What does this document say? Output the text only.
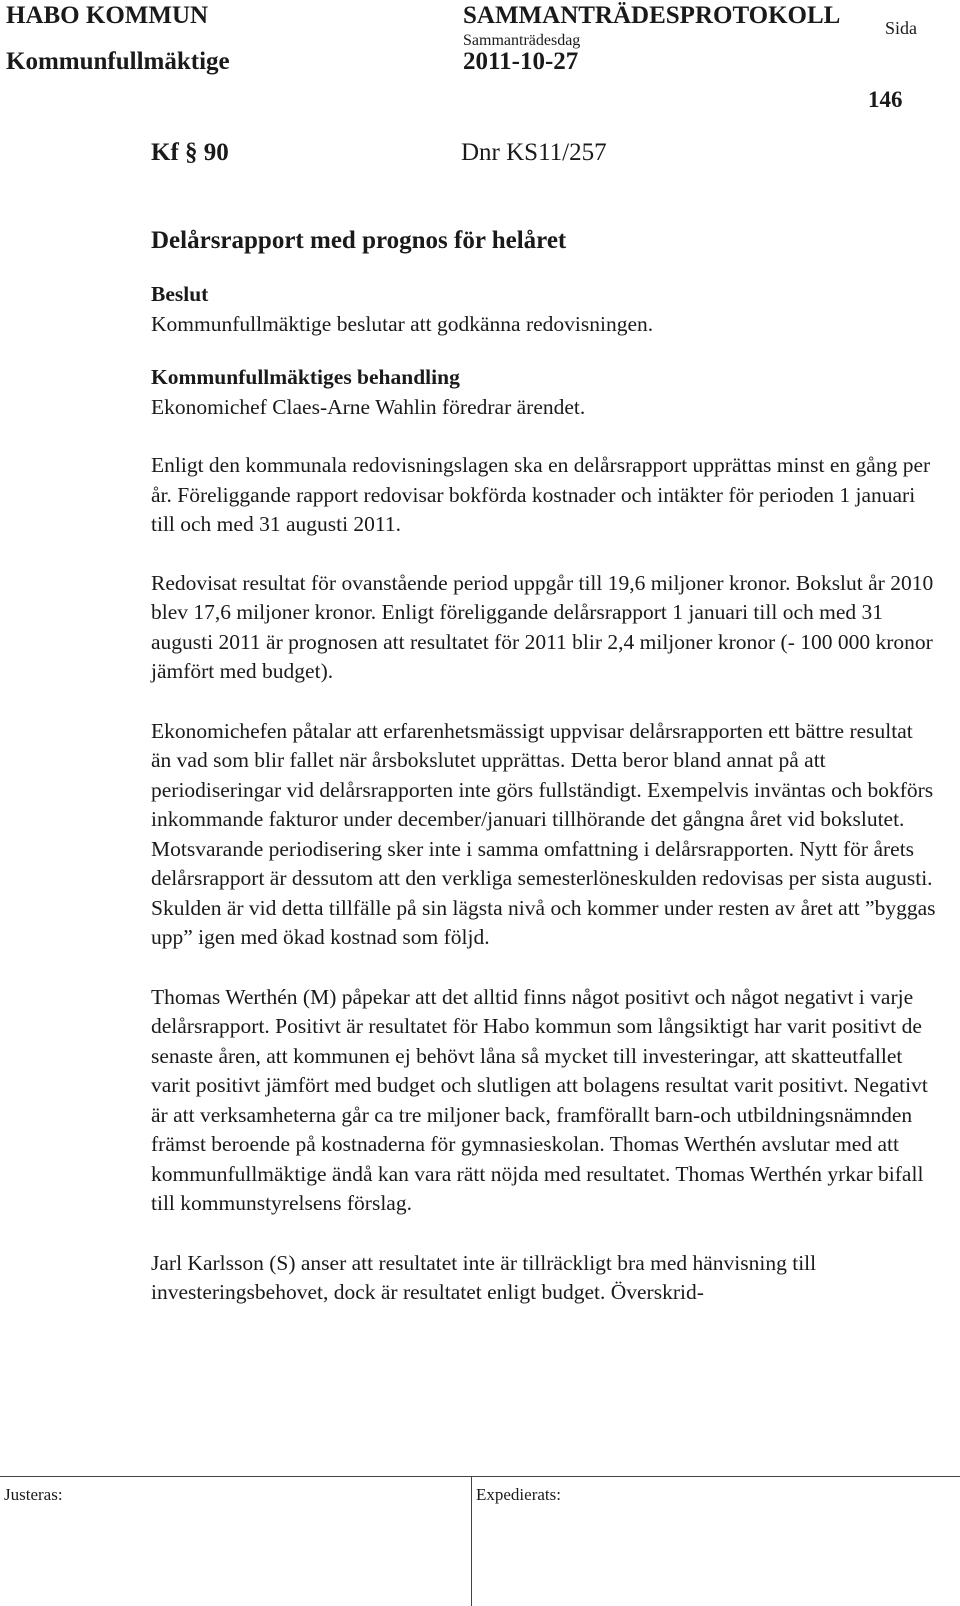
HABO KOMMUN
Kommunfullmäktige
SAMMANTRÄDESPROTOKOLL
Sammanträdesdag
2011-10-27
Sida
146
Kf § 90	Dnr KS11/257
Delårsrapport med prognos för helåret
Beslut

Kommunfullmäktige beslutar att godkänna redovisningen.

Kommunfullmäktiges behandling

Ekonomichef Claes-Arne Wahlin föredrar ärendet.

Enligt den kommunala redovisningslagen ska en delårsrapport upprättas minst en gång per år. Föreliggande rapport redovisar bokförda kostnader och intäkter för perioden 1 januari till och med 31 augusti 2011.

Redovisat resultat för ovanstående period uppgår till 19,6 miljoner kronor. Bokslut år 2010 blev 17,6 miljoner kronor. Enligt föreliggande delårsrapport 1 januari till och med 31 augusti 2011 är prognosen att resultatet för 2011 blir 2,4 miljoner kronor (- 100 000 kronor jämfört med budget).

Ekonomichefen påtalar att erfarenhetsmässigt uppvisar delårsrapporten ett bättre resultat än vad som blir fallet när årsbokslutet upprättas. Detta beror bland annat på att periodiseringar vid delårsrapporten inte görs fullständigt. Exempelvis inväntas och bokförs inkommande fakturor under december/januari tillhörande det gångna året vid bokslutet. Motsvarande periodisering sker inte i samma omfattning i delårsrapporten. Nytt för årets delårsrapport är dessutom att den verkliga semesterlöneskulden redovisas per sista augusti. Skulden är vid detta tillfälle på sin lägsta nivå och kommer under resten av året att ”byggas upp” igen med ökad kostnad som följd.

Thomas Werthén (M) påpekar att det alltid finns något positivt och något negativt i varje delårsrapport. Positivt är resultatet för Habo kommun som långsiktigt har varit positivt de senaste åren, att kommunen ej behövt låna så mycket till investeringar, att skatteutfallet varit positivt jämfört med budget och slutligen att bolagens resultat varit positivt. Negativt är att verksamheterna går ca tre miljoner back, framförallt barn-och utbildningsnämnden främst beroende på kostnaderna för gymnasieskolan. Thomas Werthén avslutar med att kommunfullmäktige ändå kan vara rätt nöjda med resultatet. Thomas Werthén yrkar bifall till kommunstyrelsens förslag.

Jarl Karlsson (S) anser att resultatet inte är tillräckligt bra med hänvisning till investeringsbehovet, dock är resultatet enligt budget. Överskrid-

Justeras:	Expedierats:
